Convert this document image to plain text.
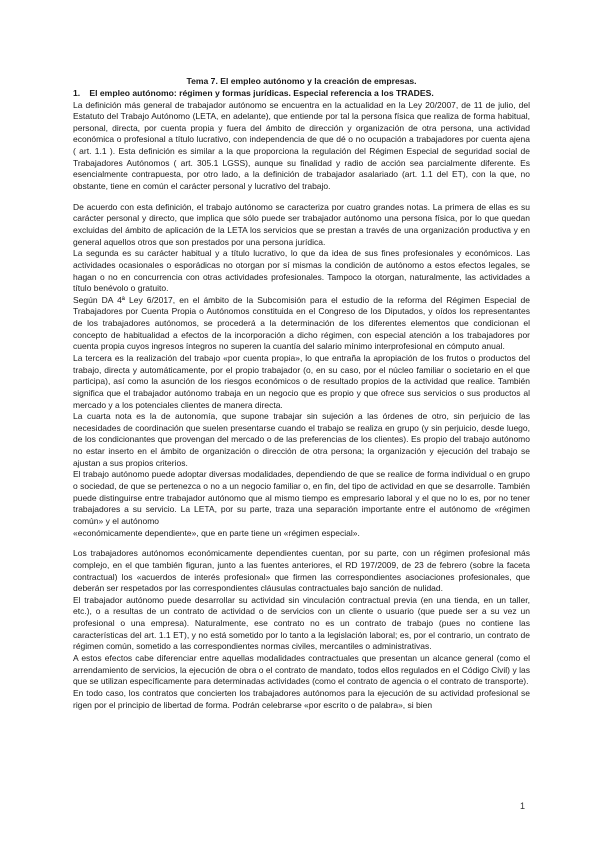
Tema 7. El empleo autónomo y la creación de empresas.

1. El empleo autónomo: régimen y formas jurídicas. Especial referencia a los TRADES.

La definición más general de trabajador autónomo se encuentra en la actualidad en la Ley 20/2007, de 11 de julio, del Estatuto del Trabajo Autónomo (LETA, en adelante), que entiende por tal la persona física que realiza de forma habitual, personal, directa, por cuenta propia y fuera del ámbito de dirección y organización de otra persona, una actividad económica o profesional a título lucrativo, con independencia de que dé o no ocupación a trabajadores por cuenta ajena ( art. 1.1 ). Esta definición es similar a la que proporciona la regulación del Régimen Especial de seguridad social de Trabajadores Autónomos ( art. 305.1 LGSS), aunque su finalidad y radio de acción sea parcialmente diferente. Es esencialmente contrapuesta, por otro lado, a la definición de trabajador asalariado (art. 1.1 del ET), con la que, no obstante, tiene en común el carácter personal y lucrativo del trabajo.

De acuerdo con esta definición, el trabajo autónomo se caracteriza por cuatro grandes notas. La primera de ellas es su carácter personal y directo, que implica que sólo puede ser trabajador autónomo una persona física, por lo que quedan excluidas del ámbito de aplicación de la LETA los servicios que se prestan a través de una organización productiva y en general aquellos otros que son prestados por una persona jurídica.

La segunda es su carácter habitual y a título lucrativo, lo que da idea de sus fines profesionales y económicos. Las actividades ocasionales o esporádicas no otorgan por sí mismas la condición de autónomo a estos efectos legales, se hagan o no en concurrencia con otras actividades profesionales. Tampoco la otorgan, naturalmente, las actividades a título benévolo o gratuito.

Según DA 4ª Ley 6/2017, en el ámbito de la Subcomisión para el estudio de la reforma del Régimen Especial de Trabajadores por Cuenta Propia o Autónomos constituida en el Congreso de los Diputados, y oídos los representantes de los trabajadores autónomos, se procederá a la determinación de los diferentes elementos que condicionan el concepto de habitualidad a efectos de la incorporación a dicho régimen, con especial atención a los trabajadores por cuenta propia cuyos ingresos íntegros no superen la cuantía del salario mínimo interprofesional en cómputo anual.

La tercera es la realización del trabajo «por cuenta propia», lo que entraña la apropiación de los frutos o productos del trabajo, directa y automáticamente, por el propio trabajador (o, en su caso, por el núcleo familiar o societario en el que participa), así como la asunción de los riesgos económicos o de resultado propios de la actividad que realice. También significa que el trabajador autónomo trabaja en un negocio que es propio y que ofrece sus servicios o sus productos al mercado y a los potenciales clientes de manera directa.

La cuarta nota es la de autonomía, que supone trabajar sin sujeción a las órdenes de otro, sin perjuicio de las necesidades de coordinación que suelen presentarse cuando el trabajo se realiza en grupo (y sin perjuicio, desde luego, de los condicionantes que provengan del mercado o de las preferencias de los clientes). Es propio del trabajo autónomo no estar inserto en el ámbito de organización o dirección de otra persona; la organización y ejecución del trabajo se ajustan a sus propios criterios.

El trabajo autónomo puede adoptar diversas modalidades, dependiendo de que se realice de forma individual o en grupo o sociedad, de que se pertenezca o no a un negocio familiar o, en fin, del tipo de actividad en que se desarrolle. También puede distinguirse entre trabajador autónomo que al mismo tiempo es empresario laboral y el que no lo es, por no tener trabajadores a su servicio. La LETA, por su parte, traza una separación importante entre el autónomo de «régimen común» y el autónomo

«económicamente dependiente», que en parte tiene un «régimen especial».

Los trabajadores autónomos económicamente dependientes cuentan, por su parte, con un régimen profesional más complejo, en el que también figuran, junto a las fuentes anteriores, el RD 197/2009, de 23 de febrero (sobre la faceta contractual) los «acuerdos de interés profesional» que firmen las correspondientes asociaciones profesionales, que deberán ser respetados por las correspondientes cláusulas contractuales bajo sanción de nulidad.

El trabajador autónomo puede desarrollar su actividad sin vinculación contractual previa (en una tienda, en un taller, etc.), o a resultas de un contrato de actividad o de servicios con un cliente o usuario (que puede ser a su vez un profesional o una empresa). Naturalmente, ese contrato no es un contrato de trabajo (pues no contiene las características del art. 1.1 ET), y no está sometido por lo tanto a la legislación laboral; es, por el contrario, un contrato de régimen común, sometido a las correspondientes normas civiles, mercantiles o administrativas.

A estos efectos cabe diferenciar entre aquellas modalidades contractuales que presentan un alcance general (como el arrendamiento de servicios, la ejecución de obra o el contrato de mandato, todos ellos regulados en el Código Civil) y las que se utilizan específicamente para determinadas actividades (como el contrato de agencia o el contrato de transporte).

En todo caso, los contratos que concierten los trabajadores autónomos para la ejecución de su actividad profesional se rigen por el principio de libertad de forma. Podrán celebrarse «por escrito o de palabra», si bien

1
